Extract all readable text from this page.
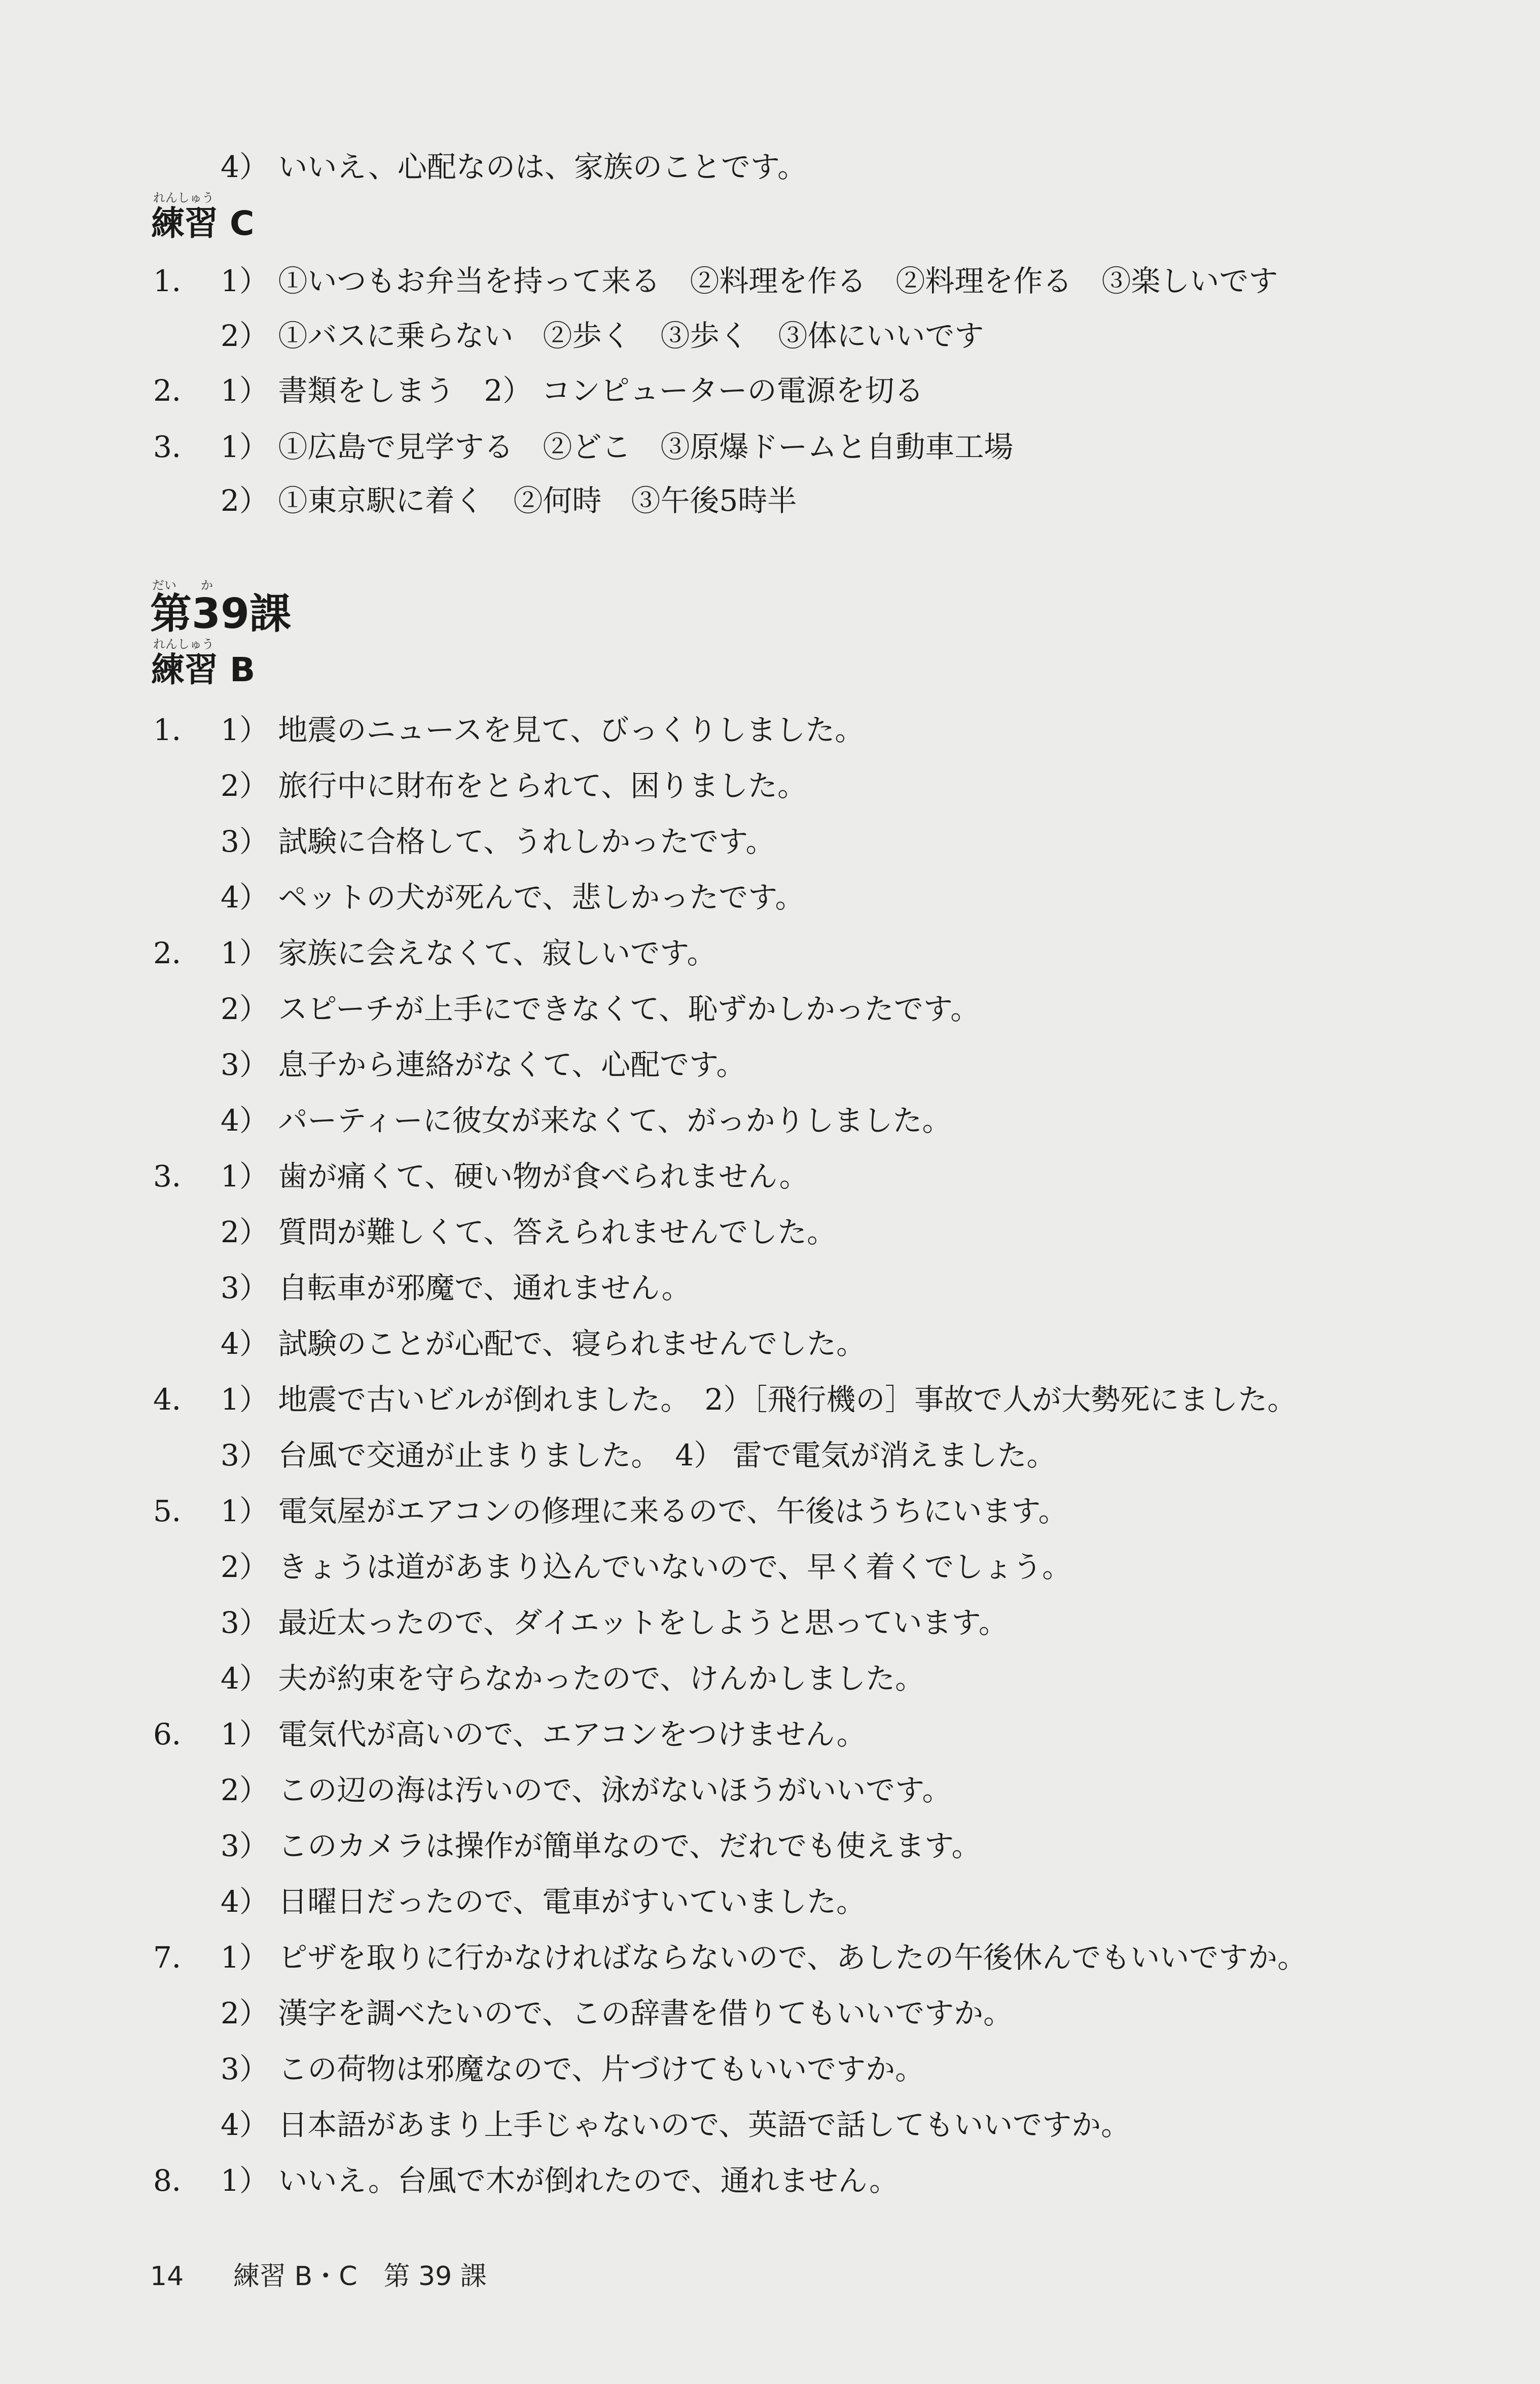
4） いいえ、心配なのは、家族のことです。
れんしゅう
練習 C
1． 1） ①いつもお弁当を持って来る　②料理を作る　②料理を作る　③楽しいです
2） ①バスに乗らない　②歩く　③歩く　③体にいいです
2． 1） 書類をしまう　2） コンピューターの電源を切る
3． 1） ①広島で見学する　②どこ　③原爆ドームと自動車工場
2） ①東京駅に着く　②何時　③午後5時半
だい　　か
第39課
れんしゅう
練習 B
1． 1） 地震のニュースを見て、びっくりしました。
2） 旅行中に財布をとられて、困りました。
3） 試験に合格して、うれしかったです。
4） ペットの犬が死んで、悲しかったです。
2． 1） 家族に会えなくて、寂しいです。
2） スピーチが上手にできなくて、恥ずかしかったです。
3） 息子から連絡がなくて、心配です。
4） パーティーに彼女が来なくて、がっかりしました。
3． 1） 歯が痛くて、硬い物が食べられません。
2） 質問が難しくて、答えられませんでした。
3） 自転車が邪魔で、通れません。
4） 試験のことが心配で、寝られませんでした。
4． 1） 地震で古いビルが倒れました。　2）［飛行機の］事故で人が大勢死にました。
3） 台風で交通が止まりました。　4） 雷で電気が消えました。
5． 1） 電気屋がエアコンの修理に来るので、午後はうちにいます。
2） きょうは道があまり込んでいないので、早く着くでしょう。
3） 最近太ったので、ダイエットをしようと思っています。
4） 夫が約束を守らなかったので、けんかしました。
6． 1） 電気代が高いので、エアコンをつけません。
2） この辺の海は汚いので、泳がないほうがいいです。
3） このカメラは操作が簡単なので、だれでも使えます。
4） 日曜日だったので、電車がすいていました。
7． 1） ピザを取りに行かなければならないので、あしたの午後休んでもいいですか。
2） 漢字を調べたいので、この辞書を借りてもいいですか。
3） この荷物は邪魔なので、片づけてもいいですか。
4） 日本語があまり上手じゃないので、英語で話してもいいですか。
8． 1） いいえ。台風で木が倒れたので、通れません。
14 練習 B・C　第 39 課
